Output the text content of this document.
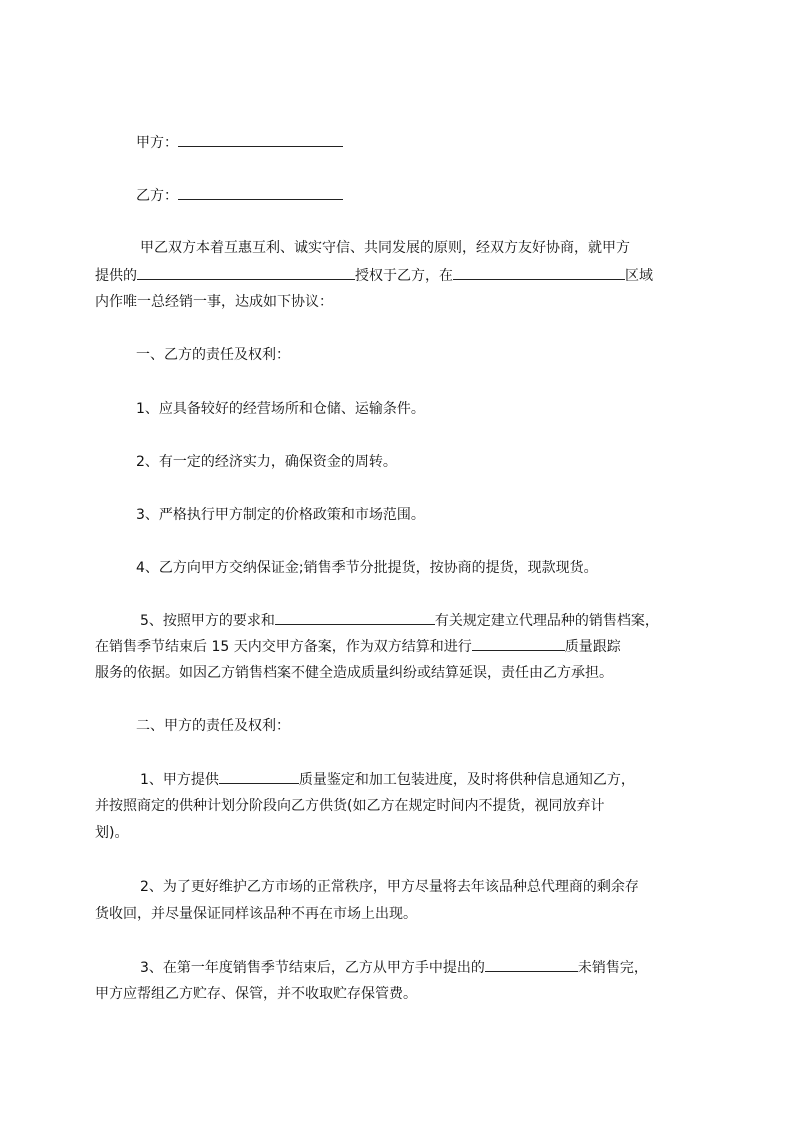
甲方：
乙方：
甲乙双方本着互惠互利、诚实守信、共同发展的原则，经双方友好协商，就甲方
提供的	授权于乙方，在	区域
内作唯一总经销一事，达成如下协议：
一、乙方的责任及权利：
1、应具备较好的经营场所和仓储、运输条件。
2、有一定的经济实力，确保资金的周转。
3、严格执行甲方制定的价格政策和市场范围。
4、乙方向甲方交纳保证金;销售季节分批提货，按协商的提货，现款现货。
5、按照甲方的要求和	有关规定建立代理品种的销售档案，
在销售季节结束后 15 天内交甲方备案，作为双方结算和进行	质量跟踪
服务的依据。如因乙方销售档案不健全造成质量纠纷或结算延误，责任由乙方承担。
二、甲方的责任及权利：
1、甲方提供	质量鉴定和加工包装进度，及时将供种信息通知乙方，
并按照商定的供种计划分阶段向乙方供货(如乙方在规定时间内不提货，视同放弃计
划)。
2、为了更好维护乙方市场的正常秩序，甲方尽量将去年该品种总代理商的剩余存
货收回，并尽量保证同样该品种不再在市场上出现。
3、在第一年度销售季节结束后，乙方从甲方手中提出的	未销售完，
甲方应帮组乙方贮存、保管，并不收取贮存保管费。
